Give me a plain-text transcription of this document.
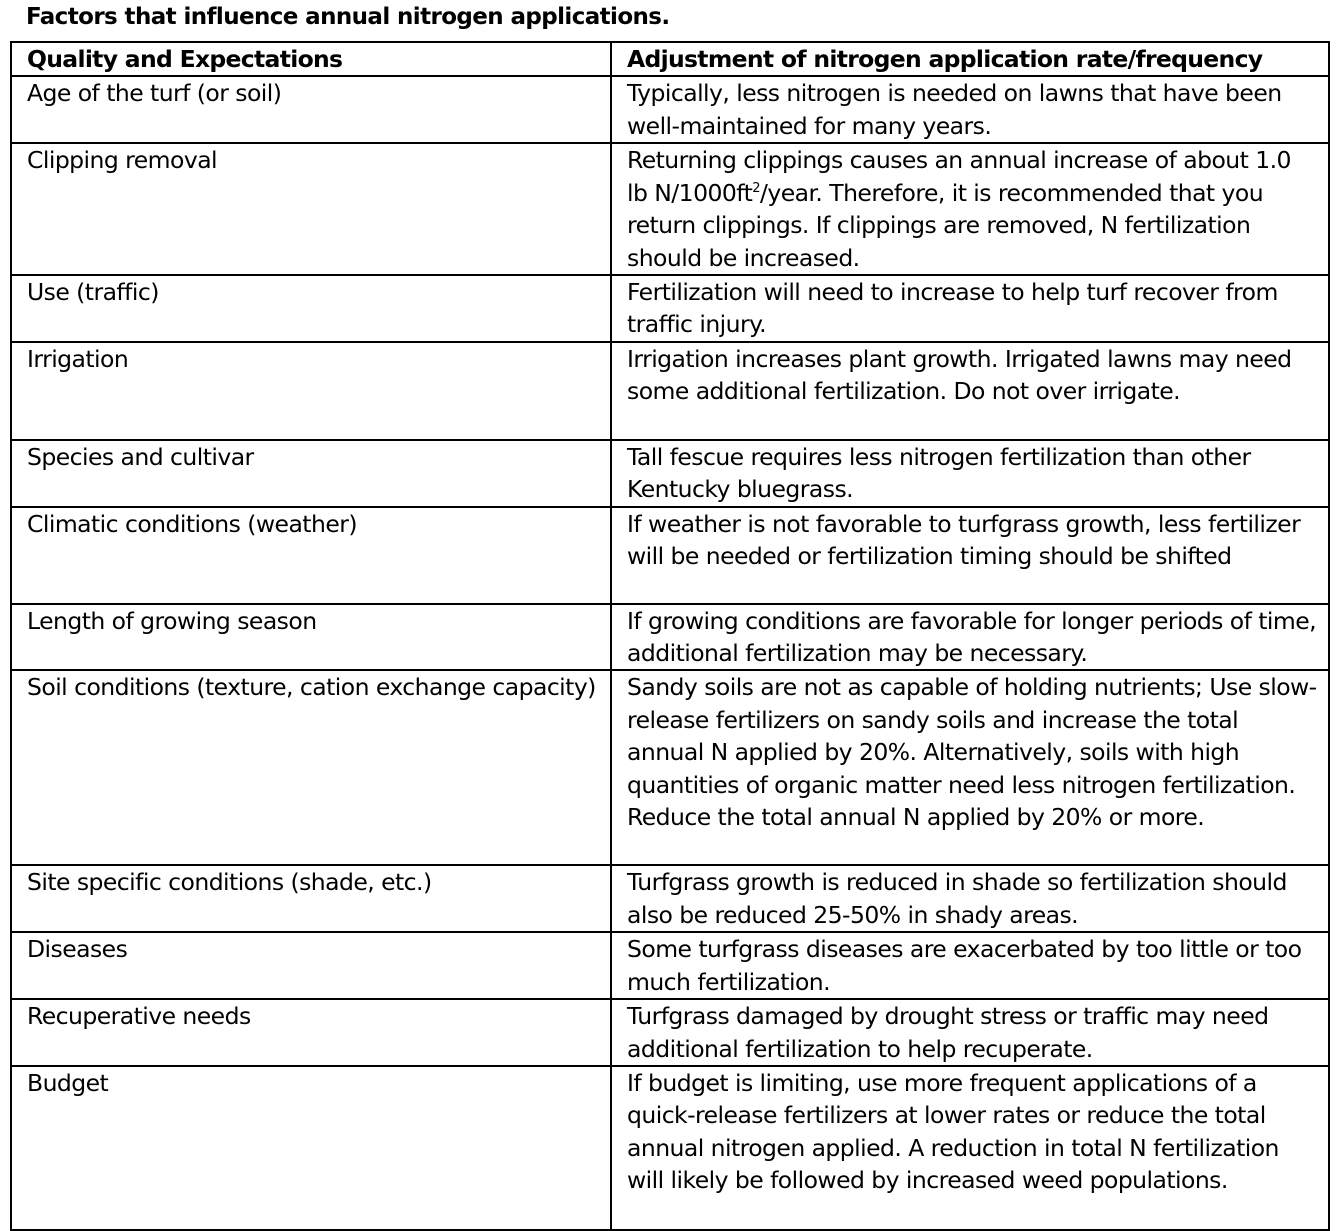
Factors that influence annual nitrogen applications.
Quality and Expectations	Adjustment of nitrogen application rate/frequency
Age of the turf (or soil)	Typically, less nitrogen is needed on lawns that have been well-maintained for many years.
Clipping removal	Returning clippings causes an annual increase of about 1.0 lb $N/1000ft^2$/year. Therefore, it is recommended that you return clippings. If clippings are removed, N fertilization should be increased.
Use (traffic)	Fertilization will need to increase to help turf recover from traffic injury.
Irrigation	Irrigation increases plant growth. Irrigated lawns may need some additional fertilization. Do not over irrigate.
Species and cultivar	Tall fescue requires less nitrogen fertilization than other Kentucky bluegrass.
Climatic conditions (weather)	If weather is not favorable to turfgrass growth, less fertilizer will be needed or fertilization timing should be shifted
Length of growing season	If growing conditions are favorable for longer periods of time, additional fertilization may be necessary.
Soil conditions (texture, cation exchange capacity)	Sandy soils are not as capable of holding nutrients; Use slow-release fertilizers on sandy soils and increase the total annual N applied by 20%. Alternatively, soils with high quantities of organic matter need less nitrogen fertilization. Reduce the total annual N applied by 20% or more.
Site specific conditions (shade, etc.)	Turfgrass growth is reduced in shade so fertilization should also be reduced 25-50% in shady areas.
Diseases	Some turfgrass diseases are exacerbated by too little or too much fertilization.
Recuperative needs	Turfgrass damaged by drought stress or traffic may need additional fertilization to help recuperate.
Budget	If budget is limiting, use more frequent applications of a quick-release fertilizers at lower rates or reduce the total annual nitrogen applied. A reduction in total N fertilization will likely be followed by increased weed populations.
